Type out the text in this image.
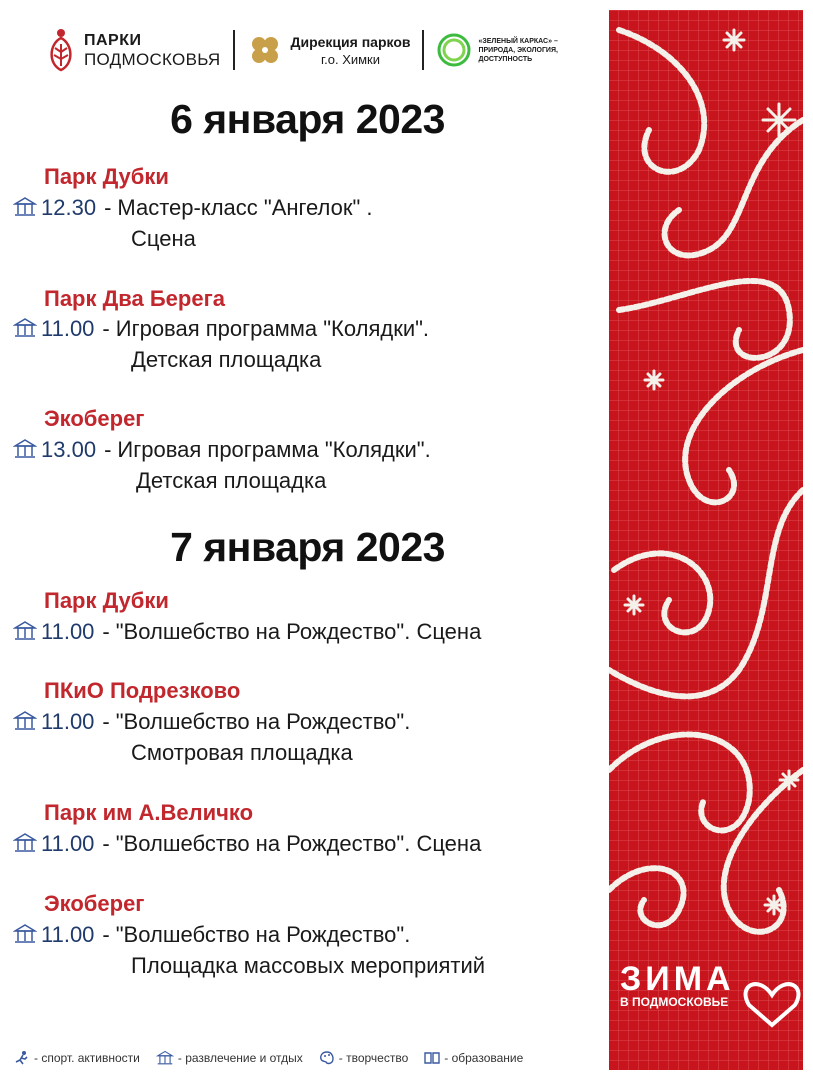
ПАРКИ
ПОДМОСКОВЬЯ
Дирекция парков
г.о. Химки
«ЗЕЛЕНЫЙ КАРКАС» – ПРИРОДА, ЭКОЛОГИЯ, ДОСТУПНОСТЬ
6 января 2023
Парк Дубки
12.30 - Мастер-класс "Ангелок" .
Сцена
Парк Два Берега
11.00 - Игровая программа "Колядки".
Детская площадка
Экоберег
13.00 - Игровая программа "Колядки".
Детская площадка
7 января 2023
Парк Дубки
11.00 - "Волшебство на Рождество". Сцена
ПКиО Подрезково
11.00 - "Волшебство на Рождество".
Смотровая площадка
Парк им А.Величко
11.00 - "Волшебство на Рождество". Сцена
Экоберег
11.00 - "Волшебство на Рождество".
Площадка массовых мероприятий	ЗИМА
В ПОДМОСКОВЬЕ
- спорт. активности	- развлечение и отдых	- творчество	- образование
